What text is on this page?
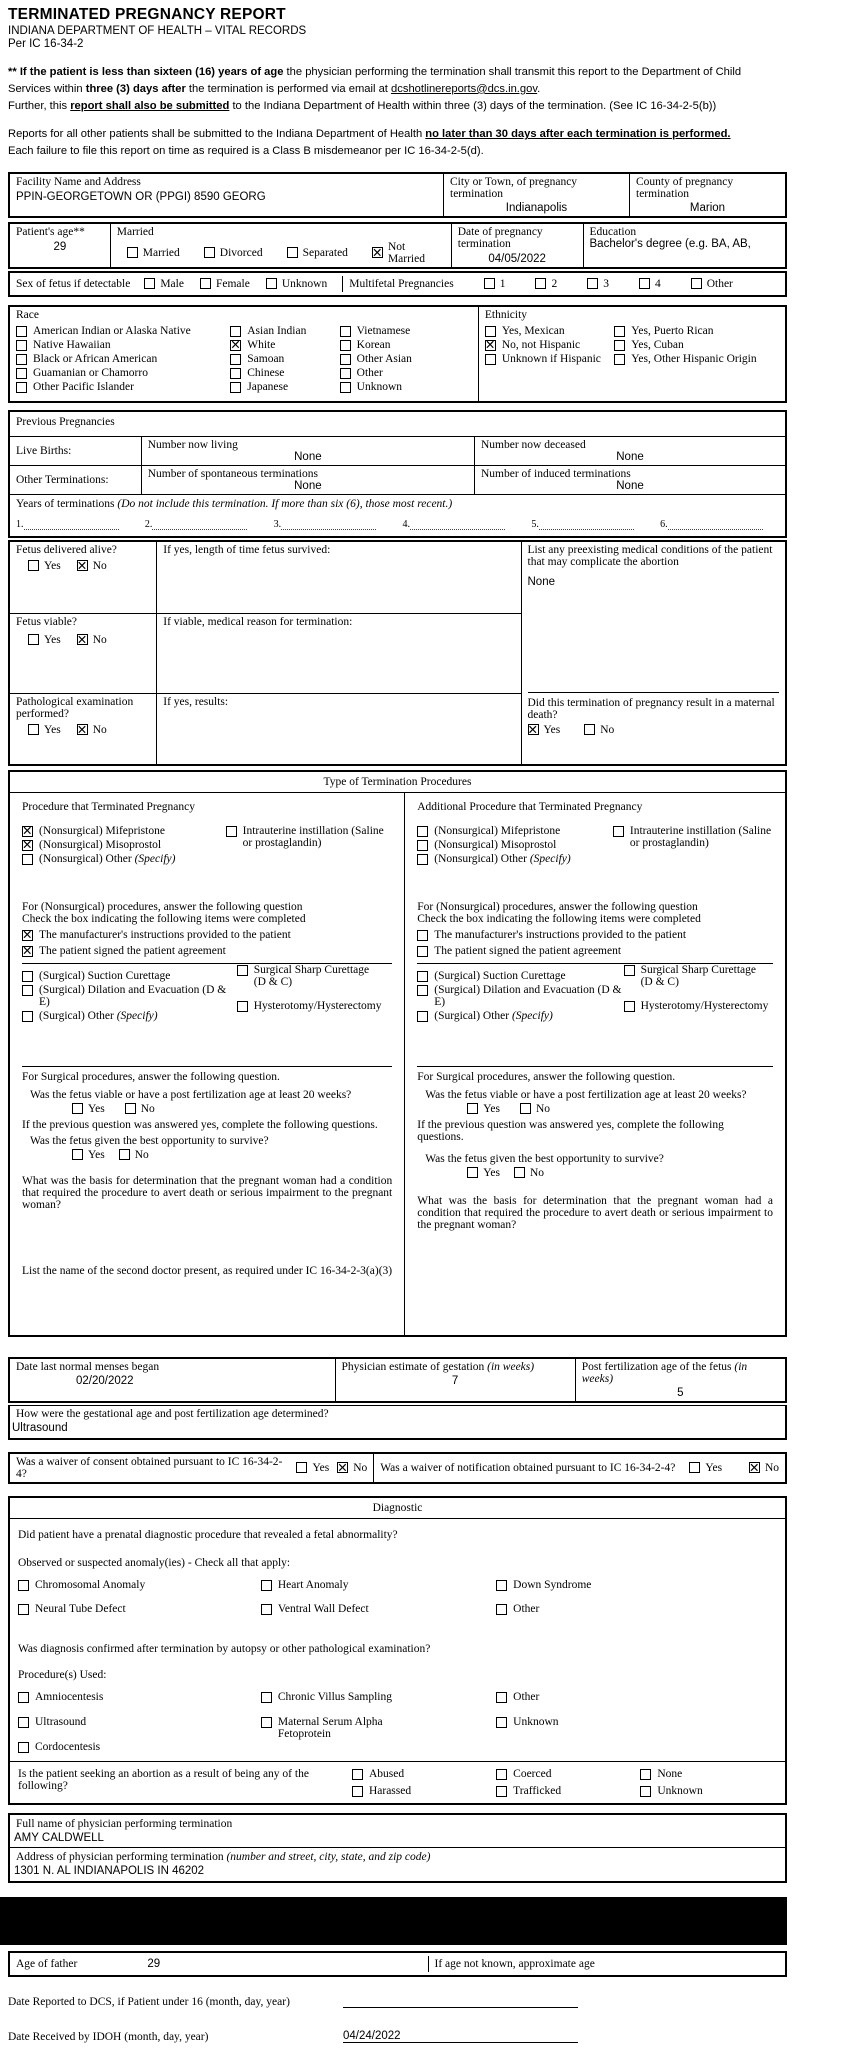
TERMINATED PREGNANCY REPORT
INDIANA DEPARTMENT OF HEALTH – VITAL RECORDS
Per IC 16-34-2
** If the patient is less than sixteen (16) years of age the physician performing the termination shall transmit this report to the Department of Child Services within three (3) days after the termination is performed via email at dcshotlinereports@dcs.in.gov.
Further, this report shall also be submitted to the Indiana Department of Health within three (3) days of the termination. (See IC 16-34-2-5(b))
Reports for all other patients shall be submitted to the Indiana Department of Health no later than 30 days after each termination is performed.
Each failure to file this report on time as required is a Class B misdemeanor per IC 16-34-2-5(d).
Facility Name and Address
PPIN-GEORGETOWN OR (PPGI) 8590 GEORG
City or Town, of pregnancy termination
Indianapolis
County of pregnancy termination
Marion
Patient's age**
29
Married
Married	Divorced	Separated ✕	Not Married
Date of pregnancy termination
04/05/2022
Education
Bachelor's degree (e.g. BA, AB,
Sex of fetus if detectable	Male	Female	Unknown Multifetal Pregnancies	1	2	3	4	Other
Race
American Indian or Alaska Native
Native Hawaiian
Black or African American
Guamanian or Chamorro
Other Pacific Islander
Asian Indian
✕
White
Samoan
Chinese
Japanese
Vietnamese
Korean
Other Asian
Other
Unknown
Ethnicity
Yes, Mexican
✕
No, not Hispanic
Unknown if Hispanic
Yes, Puerto Rican
Yes, Cuban
Yes, Other Hispanic Origin
Previous Pregnancies
Live Births:	Number now living
None
Number now deceased
None
Other Terminations:	Number of spontaneous terminations
None
Number of induced terminations
None
Years of terminations (Do not include this termination. If more than six (6), those most recent.)
1.	2.	3.	4.	5.	6.
Fetus delivered alive?
Yes ✕	No
Fetus viable?
Yes ✕	No
Pathological examination performed?
Yes ✕	No
If yes, length of time fetus survived:
If viable, medical reason for termination:
If yes, results:
List any preexisting medical conditions of the patient that may complicate the abortion
None
Did this termination of pregnancy result in a maternal death?
✕
Yes	No
Type of Termination Procedures
Procedure that Terminated Pregnancy
✕
(Nonsurgical) Mifepristone
✕
(Nonsurgical) Misoprostol
(Nonsurgical) Other (Specify)
Intrauterine instillation (Saline or prostaglandin)
For (Nonsurgical) procedures, answer the following question
Check the box indicating the following items were completed
✕
The manufacturer's instructions provided to the patient
✕
The patient signed the patient agreement
(Surgical) Suction Curettage
(Surgical) Dilation and Evacuation (D & E)
(Surgical) Other (Specify)
Surgical Sharp Curettage (D & C)
Hysterotomy/Hysterectomy
For Surgical procedures, answer the following question.
Was the fetus viable or have a post fertilization age at least 20 weeks?
Yes	No
If the previous question was answered yes, complete the following questions.
Was the fetus given the best opportunity to survive?
Yes	No
What was the basis for determination that the pregnant woman had a condition that required the procedure to avert death or serious impairment to the pregnant woman?
List the name of the second doctor present, as required under IC 16-34-2-3(a)(3)
Additional Procedure that Terminated Pregnancy
(Nonsurgical) Mifepristone
(Nonsurgical) Misoprostol
(Nonsurgical) Other (Specify)
Intrauterine instillation (Saline or prostaglandin)
For (Nonsurgical) procedures, answer the following question
Check the box indicating the following items were completed
The manufacturer's instructions provided to the patient
The patient signed the patient agreement
(Surgical) Suction Curettage
(Surgical) Dilation and Evacuation (D & E)
(Surgical) Other (Specify)
Surgical Sharp Curettage (D & C)
Hysterotomy/Hysterectomy
For Surgical procedures, answer the following question.
Was the fetus viable or have a post fertilization age at least 20 weeks?
Yes	No
If the previous question was answered yes, complete the following questions.
Was the fetus given the best opportunity to survive?
Yes	No
What was the basis for determination that the pregnant woman had a condition that required the procedure to avert death or serious impairment to the pregnant woman?
Date last normal menses began
02/20/2022
Physician estimate of gestation (in weeks)
7
Post fertilization age of the fetus (in weeks)
5
How were the gestational age and post fertilization age determined?
Ultrasound
Was a waiver of consent obtained pursuant to IC 16-34-2-4?	Yes ✕ No Was a waiver of notification obtained pursuant to IC 16-34-2-4?	Yes ✕	No
Diagnostic
Did patient have a prenatal diagnostic procedure that revealed a fetal abnormality?
Observed or suspected anomaly(ies) - Check all that apply:
Chromosomal Anomaly
Neural Tube Defect
Heart Anomaly
Ventral Wall Defect
Down Syndrome
Other
Was diagnosis confirmed after termination by autopsy or other pathological examination?
Procedure(s) Used:
Amniocentesis
Ultrasound
Cordocentesis
Chronic Villus Sampling
Maternal Serum Alpha Fetoprotein
Other
Unknown
Is the patient seeking an abortion as a result of being any of the following?
Abused
Harassed
Coerced
Trafficked
None
Unknown
Full name of physician performing termination
AMY CALDWELL
Address of physician performing termination (number and street, city, state, and zip code)
1301 N. AL INDIANAPOLIS IN 46202
Age of father	29	If age not known, approximate age
Date Reported to DCS, if Patient under 16 (month, day, year)
Date Received by IDOH (month, day, year)	04/24/2022
